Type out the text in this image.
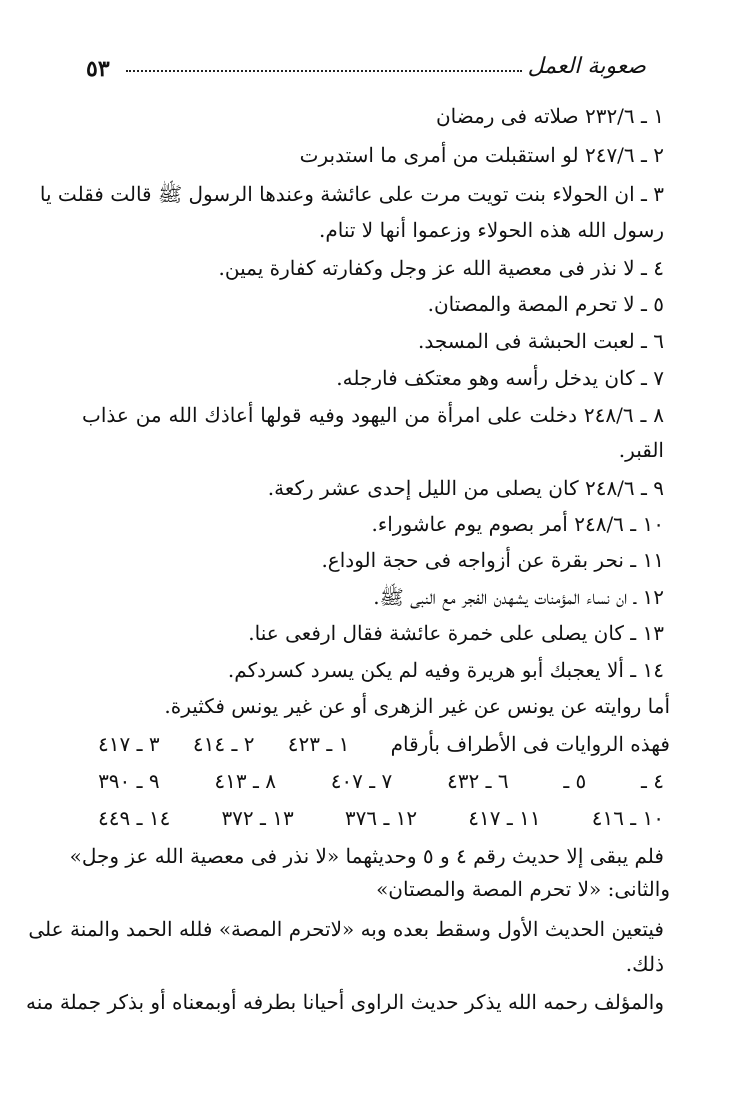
٥٣	صعوبة العمل
١ ـ ٢٣٢/٦ صلاته فى رمضان
٢ ـ ٢٤٧/٦ لو استقبلت من أمرى ما استدبرت
٣ ـ ان الحولاء بنت تويت مرت على عائشة وعندها الرسول ﷺ قالت فقلت يا
رسول الله هذه الحولاء وزعموا أنها لا تنام.
٤ ـ لا نذر فى معصية الله عز وجل وكفارته كفارة يمين.
٥ ـ لا تحرم المصة والمصتان.
٦ ـ لعبت الحبشة فى المسجد.
٧ ـ كان يدخل رأسه وهو معتكف فارجله.
٨ ـ ٢٤٨/٦ دخلت على امرأة من اليهود وفيه قولها أعاذك الله من عذاب
القبر.
٩ ـ ٢٤٨/٦ كان يصلى من الليل إحدى عشر ركعة.
١٠ ـ ٢٤٨/٦ أمر بصوم يوم عاشوراء.
١١ ـ نحر بقرة عن أزواجه فى حجة الوداع.
١٢ ـ ان نساء المؤمنات يشهدن الفجر مع النبى ﷺ.
١٣ ـ كان يصلى على خمرة عائشة فقال ارفعى عنا.
١٤ ـ ألا يعجبك أبو هريرة وفيه لم يكن يسرد كسردكم.
أما روايته عن يونس عن غير الزهرى أو عن غير يونس فكثيرة.
فهذه الروايات فى الأطراف بأرقام
١ ـ ٤٢٣
٢ ـ ٤١٤
٣ ـ ٤١٧
٤ ـ
٥ ـ
٦ ـ ٤٣٢
٧ ـ ٤٠٧
٨ ـ ٤١٣
٩ ـ ٣٩٠
١٠ ـ ٤١٦
١١ ـ ٤١٧
١٢ ـ ٣٧٦
١٣ ـ ٣٧٢
١٤ ـ ٤٤٩
فلم يبقى إلا حديث رقم ٤ و ٥ وحديثهما «لا نذر فى معصية الله عز وجل»
والثانى: «لا تحرم المصة والمصتان»
فيتعين الحديث الأول وسقط بعده وبه «لاتحرم المصة» فلله الحمد والمنة على
ذلك.
والمؤلف رحمه الله يذكر حديث الراوى أحيانا بطرفه أوبمعناه أو بذكر جملة منه
